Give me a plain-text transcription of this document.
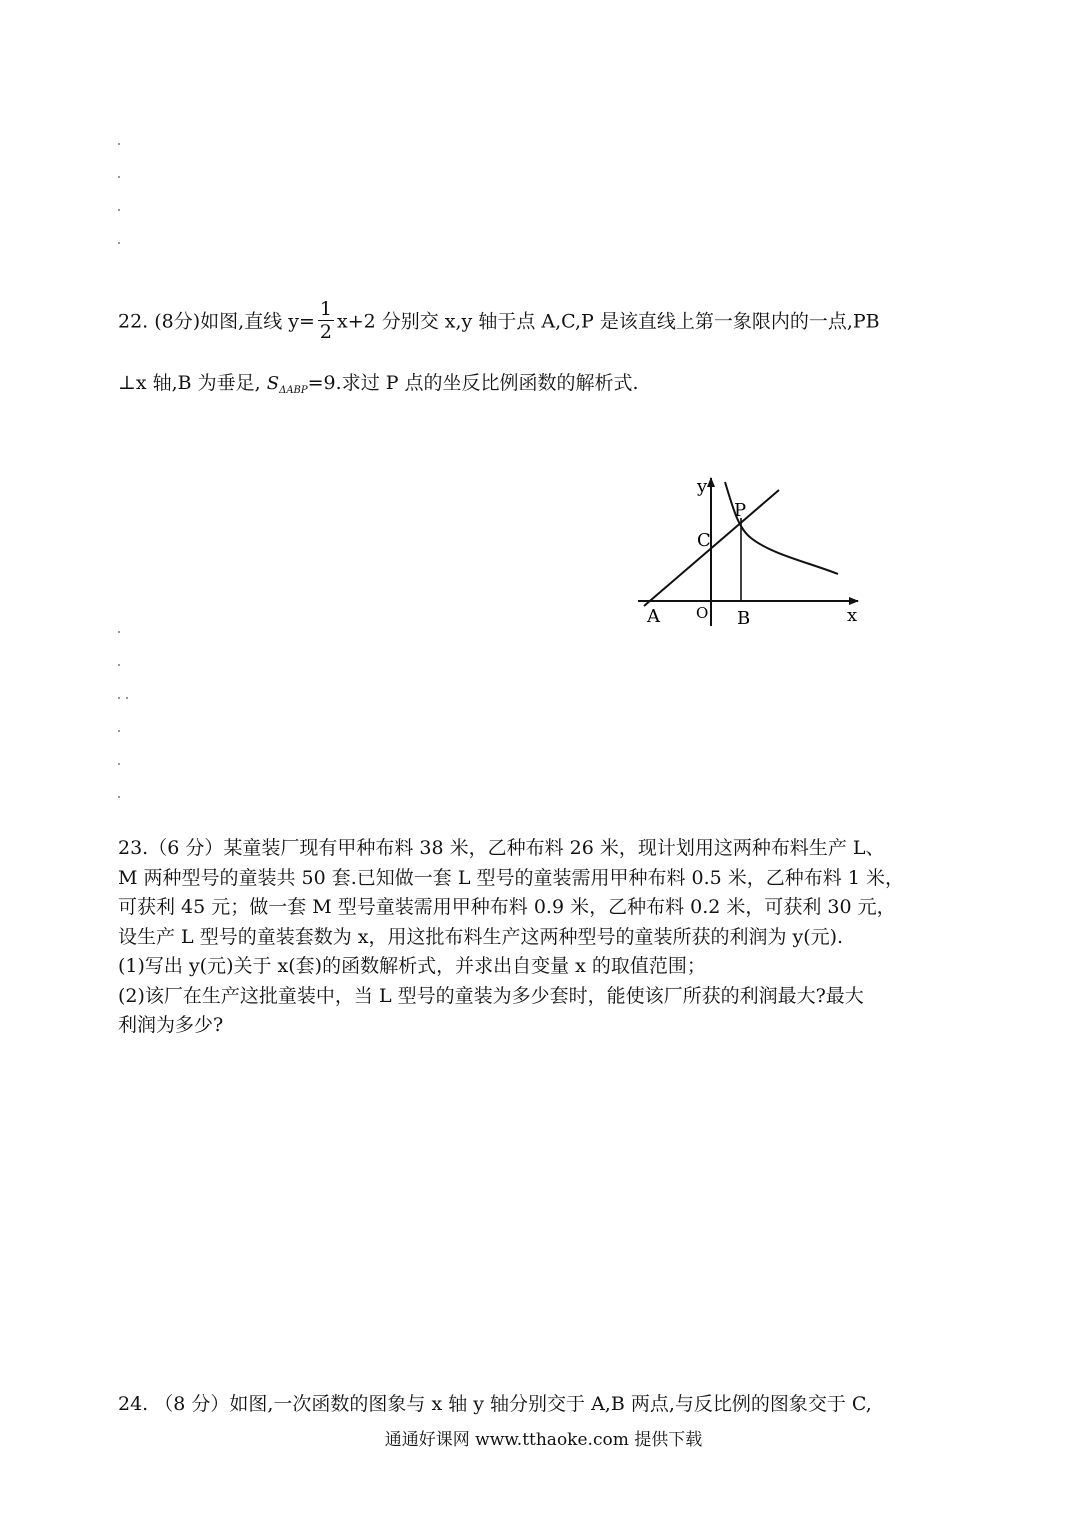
22. (8分)如图,直线 $y= \frac{1}{2} x+2$ 分别交 x,y 轴于点 A,C,P 是该直线上第一象限内的一点,PB
⊥x 轴,B 为垂足, $S_{\Delta ABP}=9$.求过 P 点的坐反比例函数的解析式.
y
P
C
A O B	x
23.（6 分）某童装厂现有甲种布料 38 米，乙种布料 26 米，现计划用这两种布料生产 L、
M 两种型号的童装共 50 套.已知做一套 L 型号的童装需用甲种布料 0.5 米，乙种布料 1 米，
可获利 45 元；做一套 M 型号童装需用甲种布料 0.9 米，乙种布料 0.2 米，可获利 30 元，
设生产 L 型号的童装套数为 x，用这批布料生产这两种型号的童装所获的利润为 y(元).
(1)写出 y(元)关于 x(套)的函数解析式，并求出自变量 x 的取值范围；
(2)该厂在生产这批童装中，当 L 型号的童装为多少套时，能使该厂所获的利润最大?最大
利润为多少?
24. （8 分）如图,一次函数的图象与 x 轴 y 轴分别交于 A,B 两点,与反比例的图象交于 C,
通通好课网 www.tthaoke.com 提供下载
